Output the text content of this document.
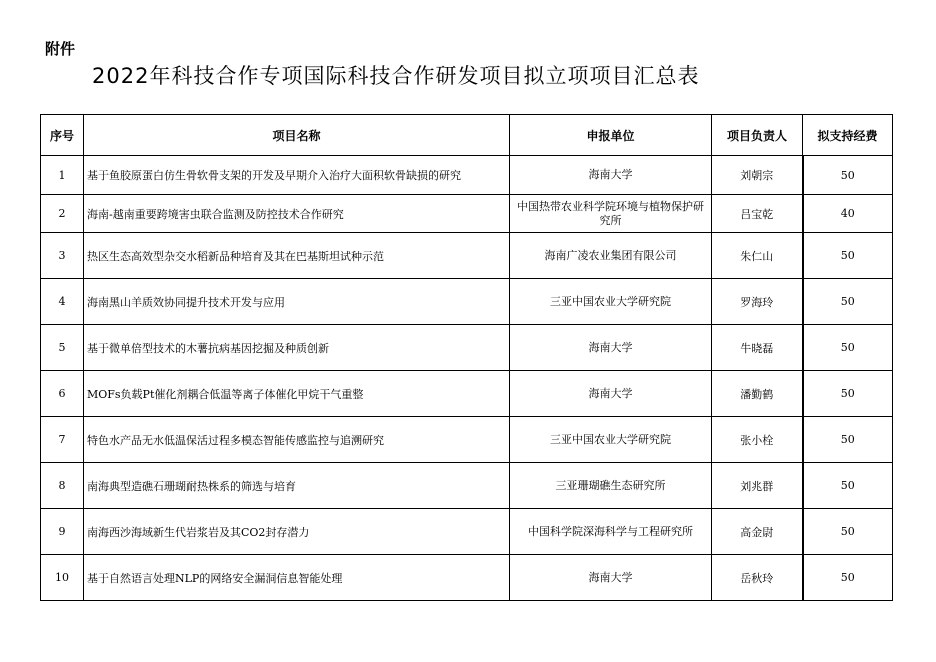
附件
2022年科技合作专项国际科技合作研发项目拟立项项目汇总表
序号	项目名称	申报单位	项目负责人	拟支持经费
1	基于鱼胶原蛋白仿生骨软骨支架的开发及早期介入治疗大面积软骨缺损的研究	海南大学	刘朝宗	50
2	海南-越南重要跨境害虫联合监测及防控技术合作研究	中国热带农业科学院环境与植物保护研究所	吕宝乾	40
3	热区生态高效型杂交水稻新品种培育及其在巴基斯坦试种示范	海南广凌农业集团有限公司	朱仁山	50
4	海南黑山羊质效协同提升技术开发与应用	三亚中国农业大学研究院	罗海玲	50
5	基于微单倍型技术的木薯抗病基因挖掘及种质创新	海南大学	牛晓磊	50
6	MOFs负载Pt催化剂耦合低温等离子体催化甲烷干气重整	海南大学	潘勤鹤	50
7	特色水产品无水低温保活过程多模态智能传感监控与追溯研究	三亚中国农业大学研究院	张小栓	50
8	南海典型造礁石珊瑚耐热株系的筛选与培育	三亚珊瑚礁生态研究所	刘兆群	50
9	南海西沙海域新生代岩浆岩及其CO2封存潜力	中国科学院深海科学与工程研究所	高金尉	50
10	基于自然语言处理NLP的网络安全漏洞信息智能处理	海南大学	岳秋玲	50
